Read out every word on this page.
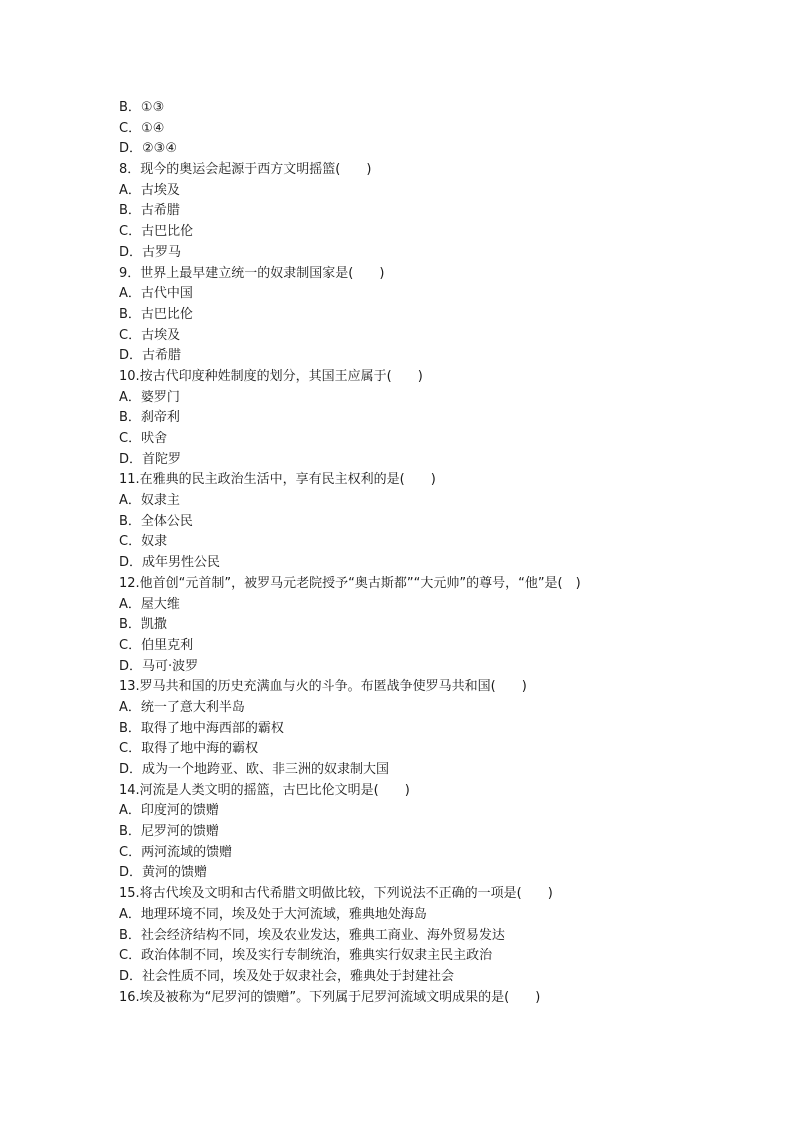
B．①③
C．①④
D．②③④
8．现今的奥运会起源于西方文明摇篮(　　)
A．古埃及
B．古希腊
C．古巴比伦
D．古罗马
9．世界上最早建立统一的奴隶制国家是(　　)
A．古代中国
B．古巴比伦
C．古埃及
D．古希腊
10.按古代印度种姓制度的划分，其国王应属于(　　)
A．婆罗门
B．刹帝利
C．吠舍
D．首陀罗
11.在雅典的民主政治生活中，享有民主权利的是(　　)
A．奴隶主
B．全体公民
C．奴隶
D．成年男性公民
12.他首创“元首制”，被罗马元老院授予“奥古斯都”“大元帅”的尊号，“他”是(　)
A．屋大维
B．凯撒
C．伯里克利
D．马可·波罗
13.罗马共和国的历史充满血与火的斗争。布匿战争使罗马共和国(　　)
A．统一了意大利半岛
B．取得了地中海西部的霸权
C．取得了地中海的霸权
D．成为一个地跨亚、欧、非三洲的奴隶制大国
14.河流是人类文明的摇篮，古巴比伦文明是(　　)
A．印度河的馈赠
B．尼罗河的馈赠
C．两河流域的馈赠
D．黄河的馈赠
15.将古代埃及文明和古代希腊文明做比较，下列说法不正确的一项是(　　)
A．地理环境不同，埃及处于大河流域，雅典地处海岛
B．社会经济结构不同，埃及农业发达，雅典工商业、海外贸易发达
C．政治体制不同，埃及实行专制统治，雅典实行奴隶主民主政治
D．社会性质不同，埃及处于奴隶社会，雅典处于封建社会
16.埃及被称为“尼罗河的馈赠”。下列属于尼罗河流域文明成果的是(　　)
